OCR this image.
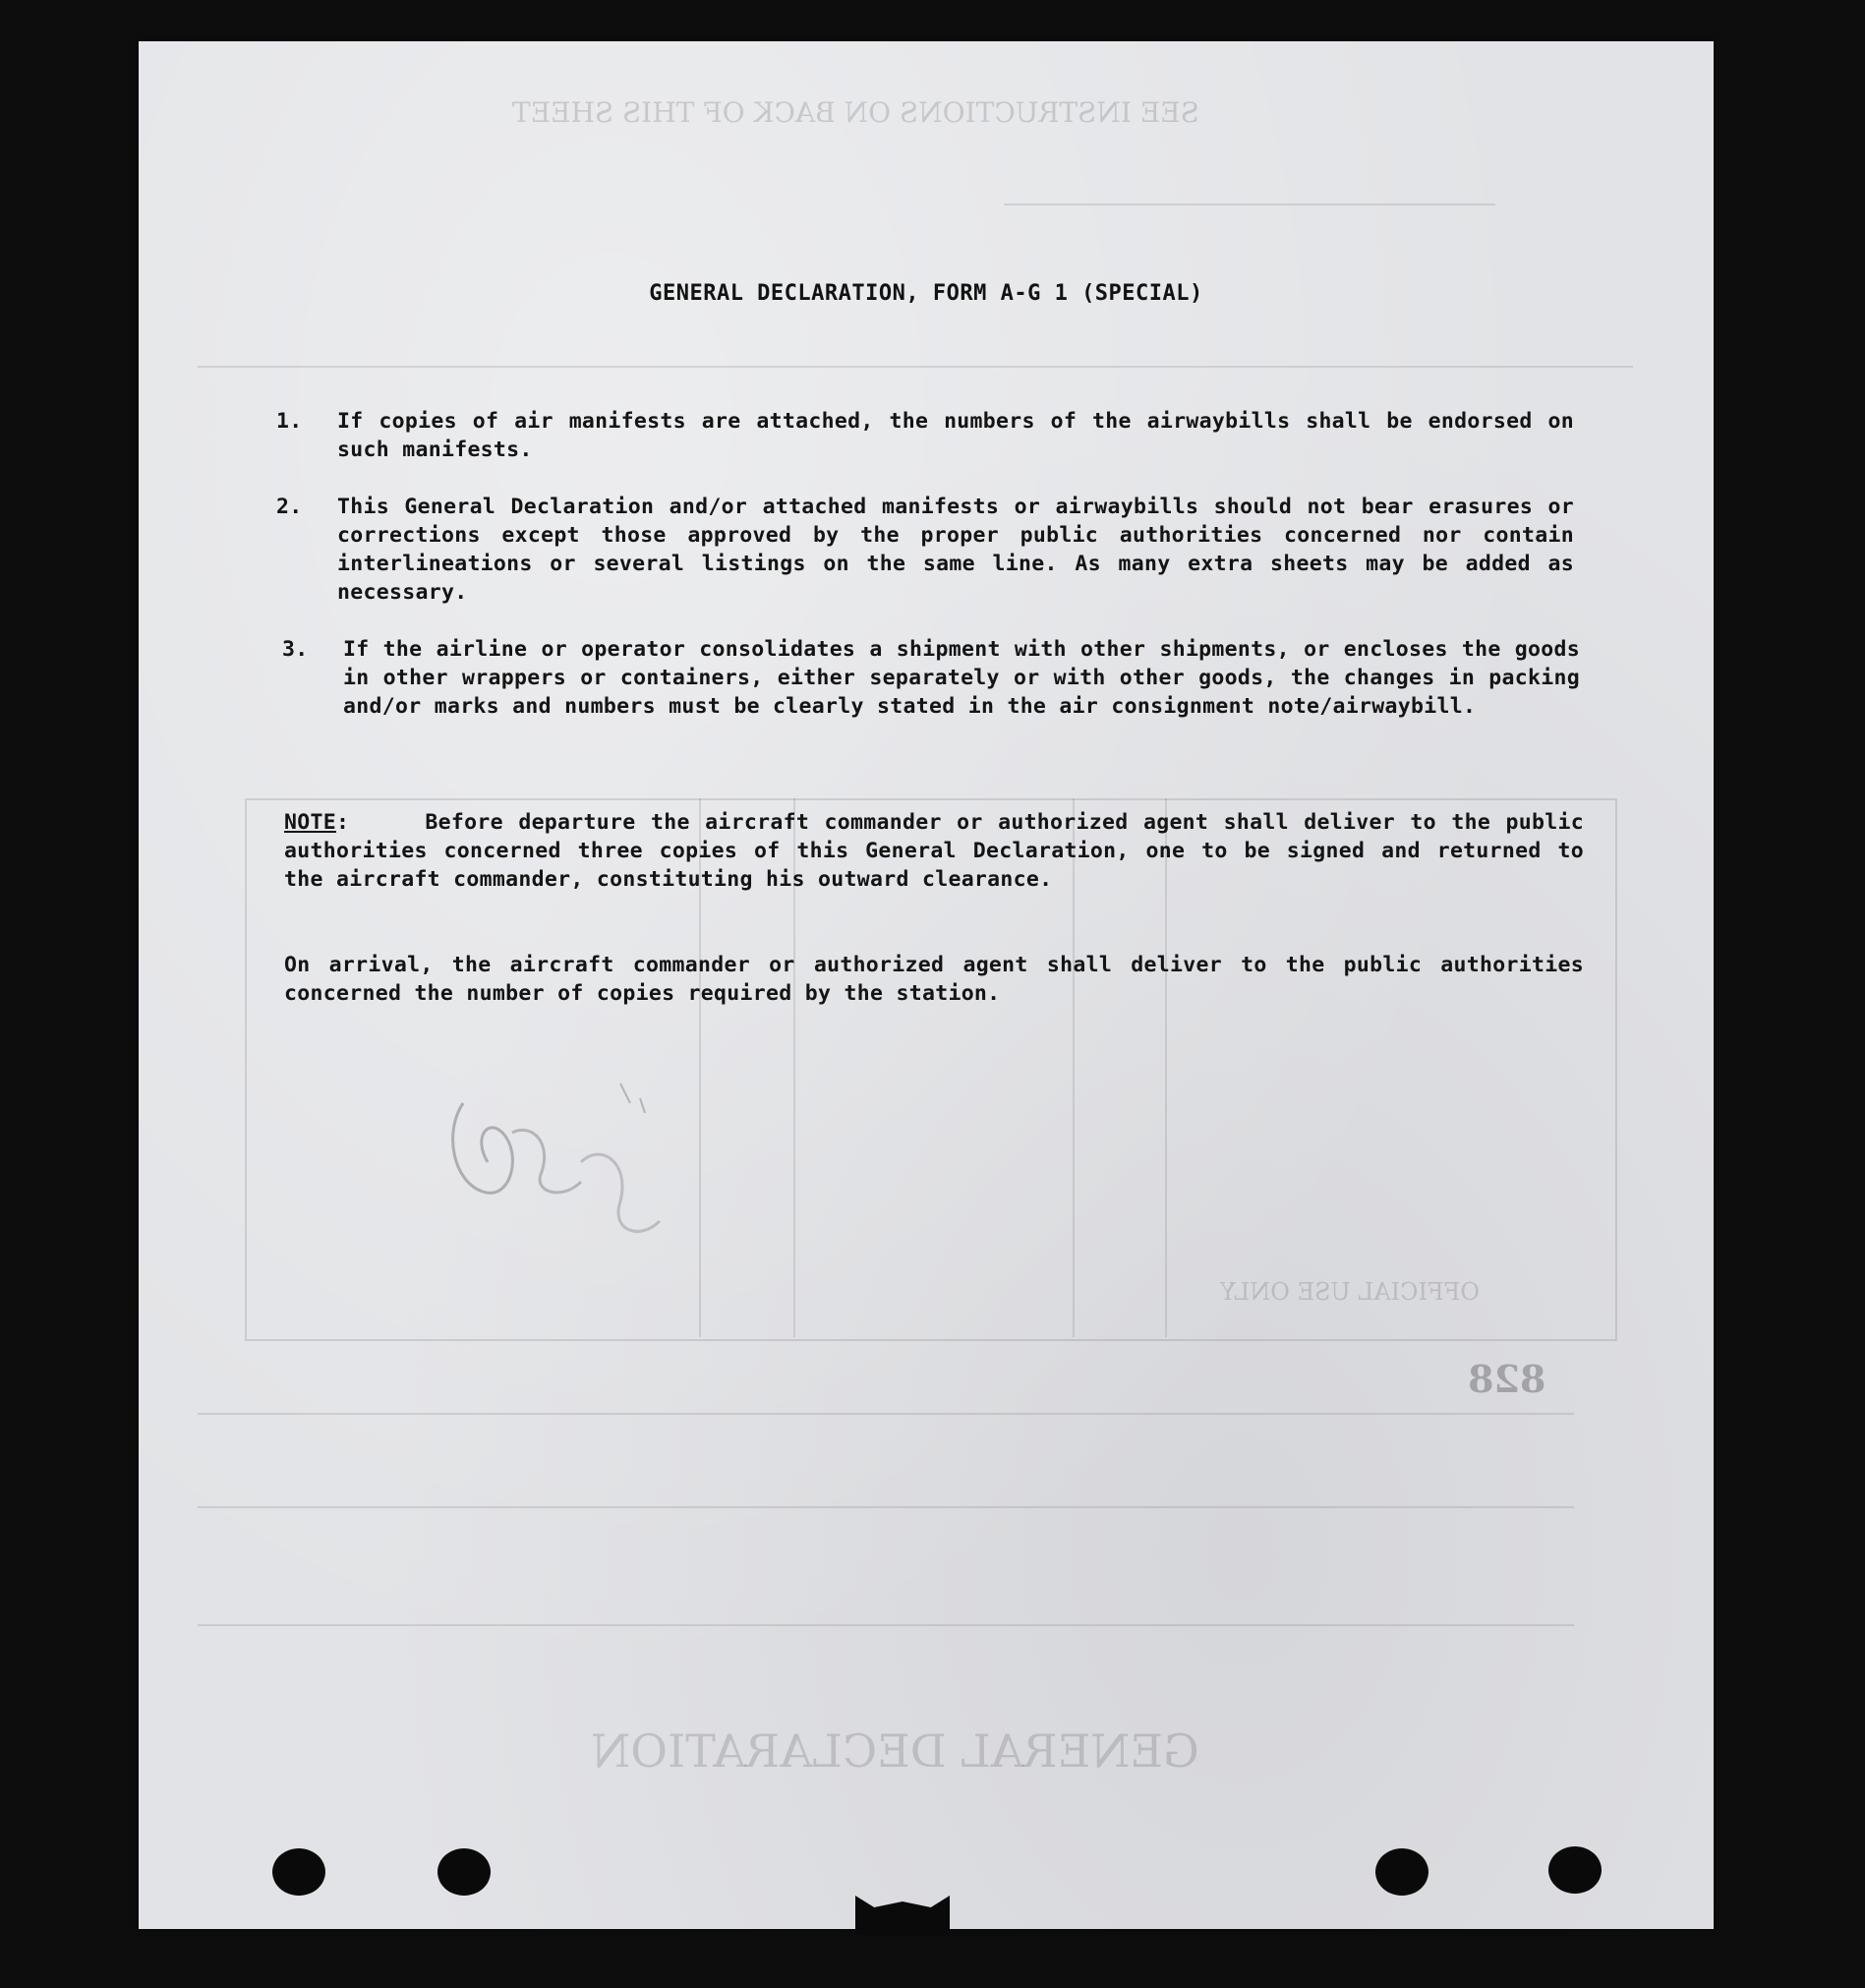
SEE INSTRUCTIONS ON BACK OF THIS SHEET
OFFICIAL USE ONLY
828
GENERAL DECLARATION
GENERAL DECLARATION, FORM A-G 1 (SPECIAL)
1. If copies of air manifests are attached, the numbers of the airwaybills shall be endorsed on such manifests.
2. This General Declaration and/or attached manifests or airwaybills should not bear erasures or corrections except those approved by the proper public authorities concerned nor contain interlineations or several listings on the same line. As many extra sheets may be added as necessary.
3. If the airline or operator consolidates a shipment with other shipments, or encloses the goods in other wrappers or containers, either separately or with other goods, the changes in packing and/or marks and numbers must be clearly stated in the air consignment note/airwaybill.
NOTE:	Before departure the aircraft commander or authorized agent shall deliver to the public authorities concerned three copies of this General Declaration, one to be signed and returned to the aircraft commander, constituting his outward clearance.
On arrival, the aircraft commander or authorized agent shall deliver to the public authorities concerned the number of copies required by the station.
